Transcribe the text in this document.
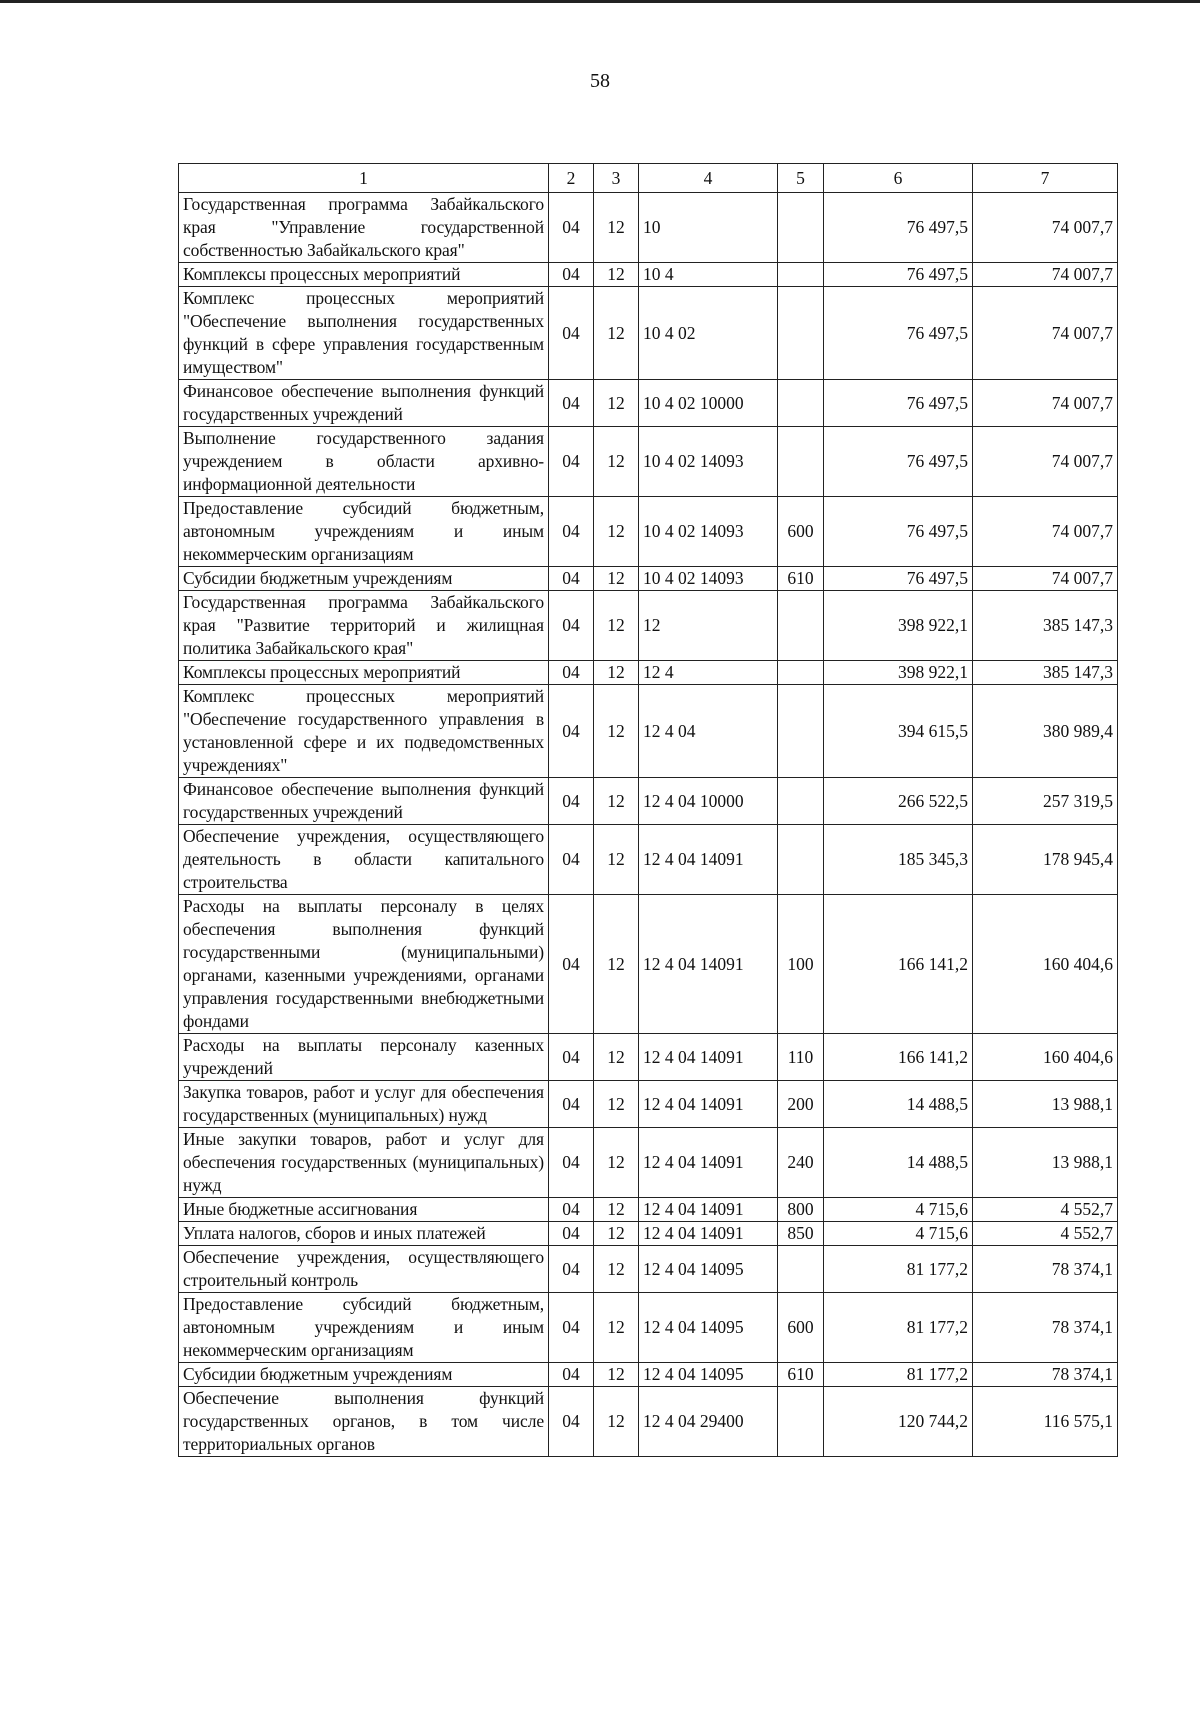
58
1	2	3	4	5	6	7
Государственная программа Забайкальского края "Управление государственной собственностью Забайкальского края"	04	12	10		76 497,5	74 007,7
Комплексы процессных мероприятий	04	12	10 4		76 497,5	74 007,7
Комплекс процессных мероприятий "Обеспечение выполнения государственных функций в сфере управления государственным имуществом"	04	12	10 4 02		76 497,5	74 007,7
Финансовое обеспечение выполнения функций государственных учреждений	04	12	10 4 02 10000		76 497,5	74 007,7
Выполнение государственного задания учреждением в области архивно-информационной деятельности	04	12	10 4 02 14093		76 497,5	74 007,7
Предоставление субсидий бюджетным, автономным учреждениям и иным некоммерческим организациям	04	12	10 4 02 14093	600	76 497,5	74 007,7
Субсидии бюджетным учреждениям	04	12	10 4 02 14093	610	76 497,5	74 007,7
Государственная программа Забайкальского края "Развитие территорий и жилищная политика Забайкальского края"	04	12	12		398 922,1	385 147,3
Комплексы процессных мероприятий	04	12	12 4		398 922,1	385 147,3
Комплекс процессных мероприятий "Обеспечение государственного управления в установленной сфере и их подведомственных учреждениях"	04	12	12 4 04		394 615,5	380 989,4
Финансовое обеспечение выполнения функций государственных учреждений	04	12	12 4 04 10000		266 522,5	257 319,5
Обеспечение учреждения, осуществляющего деятельность в области капитального строительства	04	12	12 4 04 14091		185 345,3	178 945,4
Расходы на выплаты персоналу в целях обеспечения выполнения функций государственными (муниципальными) органами, казенными учреждениями, органами управления государственными внебюджетными фондами	04	12	12 4 04 14091	100	166 141,2	160 404,6
Расходы на выплаты персоналу казенных учреждений	04	12	12 4 04 14091	110	166 141,2	160 404,6
Закупка товаров, работ и услуг для обеспечения государственных (муниципальных) нужд	04	12	12 4 04 14091	200	14 488,5	13 988,1
Иные закупки товаров, работ и услуг для обеспечения государственных (муниципальных) нужд	04	12	12 4 04 14091	240	14 488,5	13 988,1
Иные бюджетные ассигнования	04	12	12 4 04 14091	800	4 715,6	4 552,7
Уплата налогов, сборов и иных платежей	04	12	12 4 04 14091	850	4 715,6	4 552,7
Обеспечение учреждения, осуществляющего строительный контроль	04	12	12 4 04 14095		81 177,2	78 374,1
Предоставление субсидий бюджетным, автономным учреждениям и иным некоммерческим организациям	04	12	12 4 04 14095	600	81 177,2	78 374,1
Субсидии бюджетным учреждениям	04	12	12 4 04 14095	610	81 177,2	78 374,1
Обеспечение выполнения функций государственных органов, в том числе территориальных органов	04	12	12 4 04 29400		120 744,2	116 575,1
